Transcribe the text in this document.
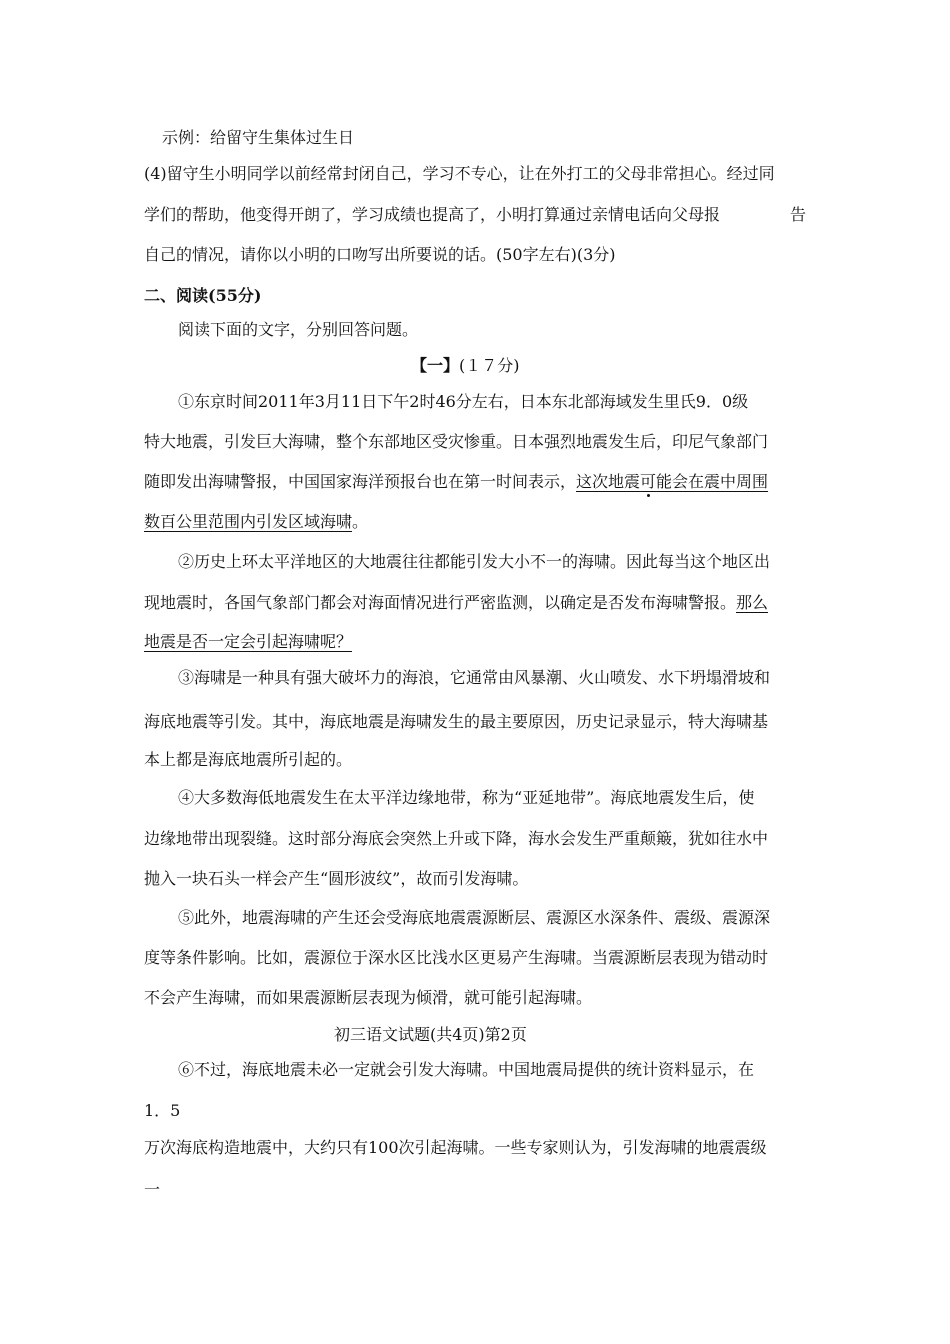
示例：给留守生集体过生日
(4)留守生小明同学以前经常封闭自己，学习不专心，让在外打工的父母非常担心。经过同
学们的帮助，他变得开朗了，学习成绩也提高了，小明打算通过亲情电话向父母报	告
自己的情况，请你以小明的口吻写出所要说的话。(50字左右)(3分)
二、阅读(55分)
阅读下面的文字，分别回答问题。
【一】(１７分)
①东京时间2011年3月11日下午2时46分左右，日本东北部海域发生里氏9．0级
特大地震，引发巨大海啸，整个东部地区受灾惨重。日本强烈地震发生后，印尼气象部门
随即发出海啸警报，中国国家海洋预报台也在第一时间表示，这次地震可能会在震中周围
数百公里范围内引发区域海啸。
②历史上环太平洋地区的大地震往往都能引发大小不一的海啸。因此每当这个地区出
现地震时，各国气象部门都会对海面情况进行严密监测，以确定是否发布海啸警报。那么
地震是否一定会引起海啸呢？
③海啸是一种具有强大破坏力的海浪，它通常由风暴潮、火山喷发、水下坍塌滑坡和
海底地震等引发。其中，海底地震是海啸发生的最主要原因，历史记录显示，特大海啸基
本上都是海底地震所引起的。
④大多数海低地震发生在太平洋边缘地带，称为“亚延地带”。海底地震发生后，使
边缘地带出现裂缝。这时部分海底会突然上升或下降，海水会发生严重颠簸，犹如往水中
抛入一块石头一样会产生“圆形波纹”，故而引发海啸。
⑤此外，地震海啸的产生还会受海底地震震源断层、震源区水深条件、震级、震源深
度等条件影响。比如，震源位于深水区比浅水区更易产生海啸。当震源断层表现为错动时
不会产生海啸，而如果震源断层表现为倾滑，就可能引起海啸。
初三语文试题(共4页)第2页
⑥不过，海底地震未必一定就会引发大海啸。中国地震局提供的统计资料显示，在
1．5
万次海底构造地震中，大约只有100次引起海啸。一些专家则认为，引发海啸的地震震级
一
